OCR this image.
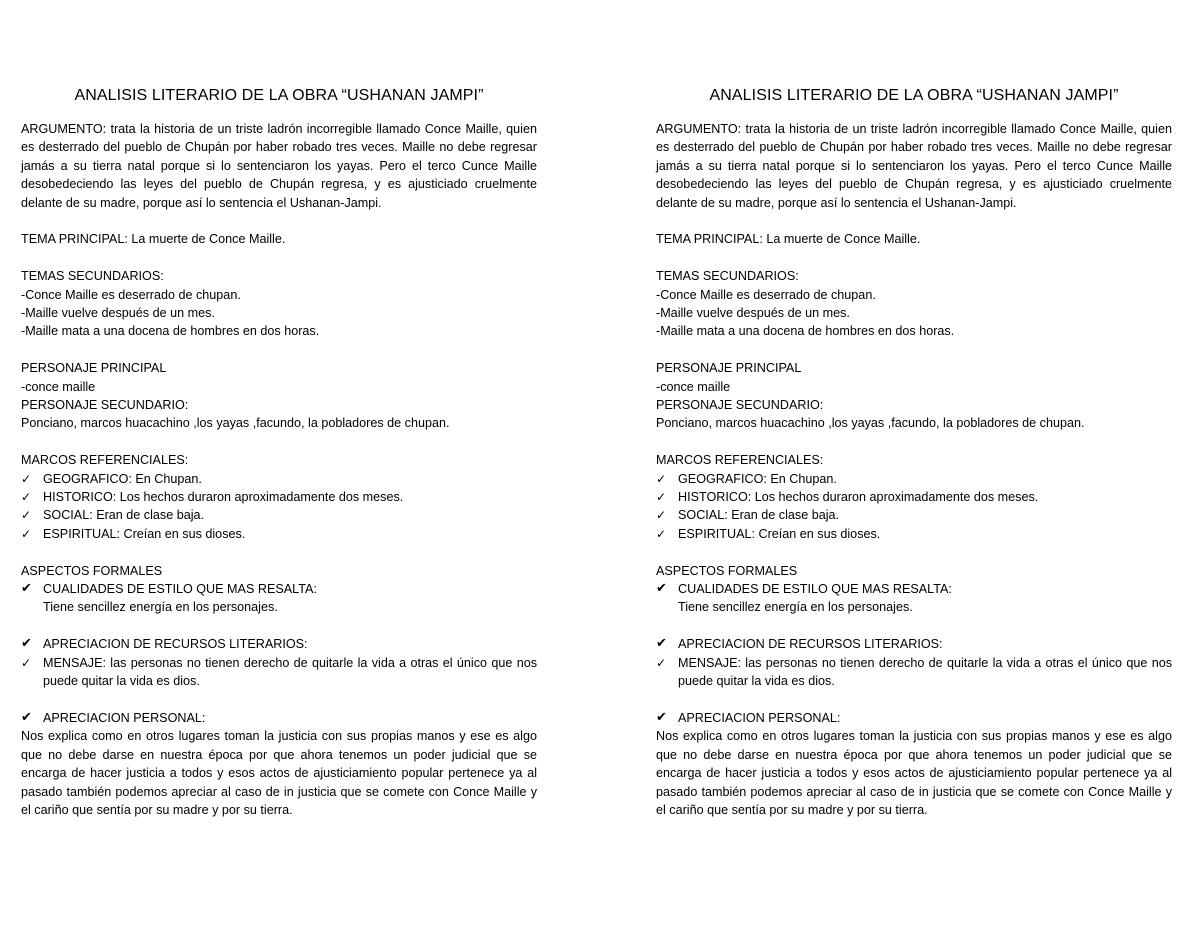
ANALISIS LITERARIO DE LA OBRA “USHANAN JAMPI”

ARGUMENTO: trata la historia de un triste ladrón incorregible llamado Conce Maille, quien es desterrado del pueblo de Chupán por haber robado tres veces. Maille no debe regresar jamás a su tierra natal porque si lo sentenciaron los yayas. Pero el terco Cunce Maille desobedeciendo las leyes del pueblo de Chupán regresa, y es ajusticiado cruelmente delante de su madre, porque así lo sentencia el Ushanan-Jampi.

TEMA PRINCIPAL: La muerte de Conce Maille.

TEMAS SECUNDARIOS:

-Conce Maille es deserrado de chupan.

-Maille vuelve después de un mes.

-Maille mata a una docena de hombres en dos horas.

PERSONAJE PRINCIPAL

-conce maille

PERSONAJE SECUNDARIO:

Ponciano, marcos huacachino ,los yayas ,facundo, la pobladores de chupan.

MARCOS REFERENCIALES:

✓ GEOGRAFICO: En Chupan.
✓ HISTORICO: Los hechos duraron aproximadamente dos meses.
✓ SOCIAL: Eran de clase baja.
✓ ESPIRITUAL: Creían en sus dioses.

ASPECTOS FORMALES

✔ CUALIDADES DE ESTILO QUE MAS RESALTA:

Tiene sencillez energía en los personajes.

✔ APRECIACION DE RECURSOS LITERARIOS:
✓ MENSAJE: las personas no tienen derecho de quitarle la vida a otras el único que nos puede quitar la vida es dios.
✔ APRECIACION PERSONAL:

Nos explica como en otros lugares toman la justicia con sus propias manos y ese es algo que no debe darse en nuestra época por que ahora tenemos un poder judicial que se encarga de hacer justicia a todos y esos actos de ajusticiamiento popular pertenece ya al pasado también podemos apreciar al caso de in justicia que se comete con Conce Maille y el cariño que sentía por su madre y por su tierra.

ANALISIS LITERARIO DE LA OBRA “USHANAN JAMPI”

ARGUMENTO: trata la historia de un triste ladrón incorregible llamado Conce Maille, quien es desterrado del pueblo de Chupán por haber robado tres veces. Maille no debe regresar jamás a su tierra natal porque si lo sentenciaron los yayas. Pero el terco Cunce Maille desobedeciendo las leyes del pueblo de Chupán regresa, y es ajusticiado cruelmente delante de su madre, porque así lo sentencia el Ushanan-Jampi.

TEMA PRINCIPAL: La muerte de Conce Maille.

TEMAS SECUNDARIOS:

-Conce Maille es deserrado de chupan.

-Maille vuelve después de un mes.

-Maille mata a una docena de hombres en dos horas.

PERSONAJE PRINCIPAL

-conce maille

PERSONAJE SECUNDARIO:

Ponciano, marcos huacachino ,los yayas ,facundo, la pobladores de chupan.

MARCOS REFERENCIALES:

✓ GEOGRAFICO: En Chupan.
✓ HISTORICO: Los hechos duraron aproximadamente dos meses.
✓ SOCIAL: Eran de clase baja.
✓ ESPIRITUAL: Creían en sus dioses.

ASPECTOS FORMALES

✔ CUALIDADES DE ESTILO QUE MAS RESALTA:

Tiene sencillez energía en los personajes.

✔ APRECIACION DE RECURSOS LITERARIOS:
✓ MENSAJE: las personas no tienen derecho de quitarle la vida a otras el único que nos puede quitar la vida es dios.
✔ APRECIACION PERSONAL:

Nos explica como en otros lugares toman la justicia con sus propias manos y ese es algo que no debe darse en nuestra época por que ahora tenemos un poder judicial que se encarga de hacer justicia a todos y esos actos de ajusticiamiento popular pertenece ya al pasado también podemos apreciar al caso de in justicia que se comete con Conce Maille y el cariño que sentía por su madre y por su tierra.
